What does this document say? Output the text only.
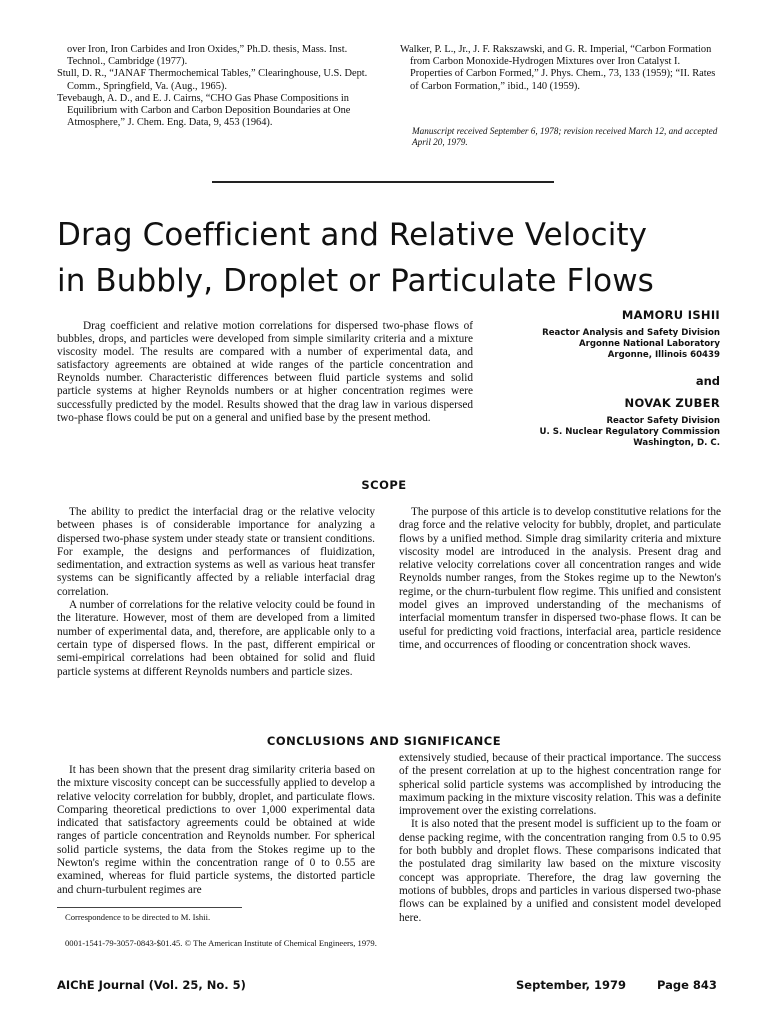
over Iron, Iron Carbides and Iron Oxides,” Ph.D. thesis, Mass. Inst. Technol., Cambridge (1977).

Stull, D. R., “JANAF Thermochemical Tables,” Clearinghouse, U.S. Dept. Comm., Springfield, Va. (Aug., 1965).

Tevebaugh, A. D., and E. J. Cairns, “CHO Gas Phase Compositions in Equilibrium with Carbon and Carbon Deposition Boundaries at One Atmosphere,” J. Chem. Eng. Data, 9, 453 (1964).

Walker, P. L., Jr., J. F. Rakszawski, and G. R. Imperial, “Carbon Formation from Carbon Monoxide-Hydrogen Mixtures over Iron Catalyst I. Properties of Carbon Formed,” J. Phys. Chem., 73, 133 (1959); “II. Rates of Carbon Formation,” ibid., 140 (1959).

Manuscript received September 6, 1978; revision received March 12, and accepted April 20, 1979.
Drag Coefficient and Relative Velocity
in Bubbly, Droplet or Particulate Flows

MAMORU ISHII

Reactor Analysis and Safety Division

Argonne National Laboratory

Argonne, Illinois 60439

and

NOVAK ZUBER

Reactor Safety Division

U. S. Nuclear Regulatory Commission

Washington, D. C.

Drag coefficient and relative motion correlations for dispersed two-phase flows of bubbles, drops, and particles were developed from simple similarity criteria and a mixture viscosity model. The results are compared with a number of experimental data, and satisfactory agreements are obtained at wide ranges of the particle concentration and Reynolds number. Characteristic differences between fluid particle systems and solid particle systems at higher Reynolds numbers or at higher concentration regimes were successfully predicted by the model. Results showed that the drag law in various dispersed two-phase flows could be put on a general and unified base by the present method.

SCOPE

The ability to predict the interfacial drag or the relative velocity between phases is of considerable importance for analyzing a dispersed two-phase system under steady state or transient conditions. For example, the designs and performances of fluidization, sedimentation, and extraction systems as well as various heat transfer systems can be significantly affected by a reliable interfacial drag correlation.

A number of correlations for the relative velocity could be found in the literature. However, most of them are developed from a limited number of experimental data, and, therefore, are applicable only to a certain type of dispersed flows. In the past, different empirical or semi-empirical correlations had been obtained for solid and fluid particle systems at different Reynolds numbers and particle sizes.

The purpose of this article is to develop constitutive relations for the drag force and the relative velocity for bubbly, droplet, and particulate flows by a unified method. Simple drag similarity criteria and mixture viscosity model are introduced in the analysis. Present drag and relative velocity correlations cover all concentration ranges and wide Reynolds number ranges, from the Stokes regime up to the Newton's regime, or the churn-turbulent flow regime. This unified and consistent model gives an improved understanding of the mechanisms of interfacial momentum transfer in dispersed two-phase flows. It can be useful for predicting void fractions, interfacial area, particle residence time, and occurrences of flooding or concentration shock waves.

CONCLUSIONS AND SIGNIFICANCE

It has been shown that the present drag similarity criteria based on the mixture viscosity concept can be successfully applied to develop a relative velocity correlation for bubbly, droplet, and particulate flows. Comparing theoretical predictions to over 1,000 experimental data indicated that satisfactory agreements could be obtained at wide ranges of particle concentration and Reynolds number. For spherical solid particle systems, the data from the Stokes regime up to the Newton's regime within the concentration range of 0 to 0.55 are examined, whereas for fluid particle systems, the distorted particle and churn-turbulent regimes are

extensively studied, because of their practical importance. The success of the present correlation at up to the highest concentration range for spherical solid particle systems was accomplished by introducing the maximum packing in the mixture viscosity relation. This was a definite improvement over the existing correlations.

It is also noted that the present model is sufficient up to the foam or dense packing regime, with the concentration ranging from 0.5 to 0.95 for both bubbly and droplet flows. These comparisons indicated that the postulated drag similarity law based on the mixture viscosity concept was appropriate. Therefore, the drag law governing the motions of bubbles, drops and particles in various dispersed two-phase flows can be explained by a unified and consistent model developed here.

Correspondence to be directed to M. Ishii.
0001-1541-79-3057-0843-$01.45. © The American Institute of Chemical Engineers, 1979.
AIChE Journal (Vol. 25, No. 5)	September, 1979	Page 843
